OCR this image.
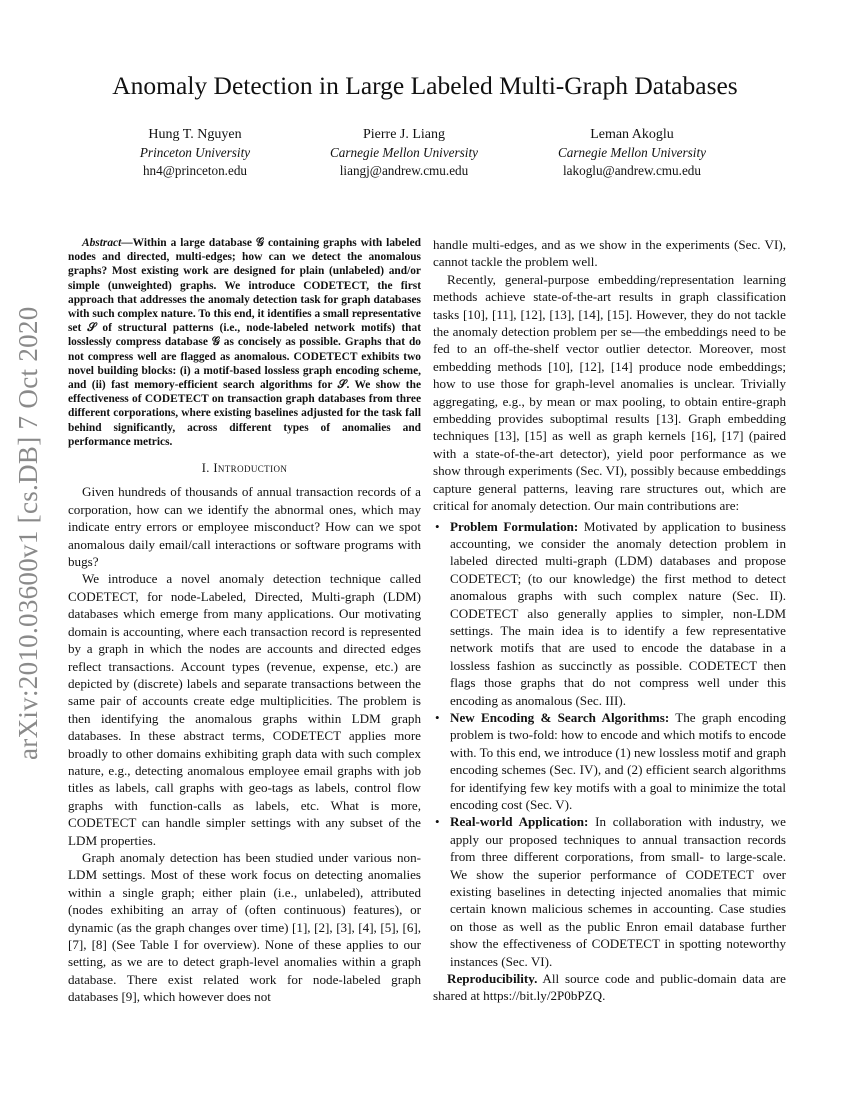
arXiv:2010.03600v1 [cs.DB] 7 Oct 2020
Anomaly Detection in Large Labeled Multi-Graph Databases
Hung T. Nguyen
Princeton University
hn4@princeton.edu
Pierre J. Liang
Carnegie Mellon University
liangj@andrew.cmu.edu
Leman Akoglu
Carnegie Mellon University
lakoglu@andrew.cmu.edu
Abstract—Within a large database 𝒢 containing graphs with labeled nodes and directed, multi-edges; how can we detect the anomalous graphs? Most existing work are designed for plain (unlabeled) and/or simple (unweighted) graphs. We introduce CODETECT, the first approach that addresses the anomaly detection task for graph databases with such complex nature. To this end, it identifies a small representative set 𝒮 of structural patterns (i.e., node-labeled network motifs) that losslessly compress database 𝒢 as concisely as possible. Graphs that do not compress well are flagged as anomalous. CODETECT exhibits two novel building blocks: (i) a motif-based lossless graph encoding scheme, and (ii) fast memory-efficient search algorithms for 𝒮. We show the effectiveness of CODETECT on transaction graph databases from three different corporations, where existing baselines adjusted for the task fall behind significantly, across different types of anomalies and performance metrics.
I. Introduction

Given hundreds of thousands of annual transaction records of a corporation, how can we identify the abnormal ones, which may indicate entry errors or employee misconduct? How can we spot anomalous daily email/call interactions or software programs with bugs?

We introduce a novel anomaly detection technique called CODETECT, for node-Labeled, Directed, Multi-graph (LDM) databases which emerge from many applications. Our motivating domain is accounting, where each transaction record is represented by a graph in which the nodes are accounts and directed edges reflect transactions. Account types (revenue, expense, etc.) are depicted by (discrete) labels and separate transactions between the same pair of accounts create edge multiplicities. The problem is then identifying the anomalous graphs within LDM graph databases. In these abstract terms, CODETECT applies more broadly to other domains exhibiting graph data with such complex nature, e.g., detecting anomalous employee email graphs with job titles as labels, call graphs with geo-tags as labels, control flow graphs with function-calls as labels, etc. What is more, CODETECT can handle simpler settings with any subset of the LDM properties.

Graph anomaly detection has been studied under various non-LDM settings. Most of these work focus on detecting anomalies within a single graph; either plain (i.e., unlabeled), attributed (nodes exhibiting an array of (often continuous) features), or dynamic (as the graph changes over time) [1], [2], [3], [4], [5], [6], [7], [8] (See Table I for overview). None of these applies to our setting, as we are to detect graph-level anomalies within a graph database. There exist related work for node-labeled graph databases [9], which however does not

handle multi-edges, and as we show in the experiments (Sec. VI), cannot tackle the problem well.

Recently, general-purpose embedding/representation learning methods achieve state-of-the-art results in graph classification tasks [10], [11], [12], [13], [14], [15]. However, they do not tackle the anomaly detection problem per se—the embeddings need to be fed to an off-the-shelf vector outlier detector. Moreover, most embedding methods [10], [12], [14] produce node embeddings; how to use those for graph-level anomalies is unclear. Trivially aggregating, e.g., by mean or max pooling, to obtain entire-graph embedding provides suboptimal results [13]. Graph embedding techniques [13], [15] as well as graph kernels [16], [17] (paired with a state-of-the-art detector), yield poor performance as we show through experiments (Sec. VI), possibly because embeddings capture general patterns, leaving rare structures out, which are critical for anomaly detection. Our main contributions are:

• Problem Formulation: Motivated by application to business accounting, we consider the anomaly detection problem in labeled directed multi-graph (LDM) databases and propose CODETECT; (to our knowledge) the first method to detect anomalous graphs with such complex nature (Sec. II). CODETECT also generally applies to simpler, non-LDM settings. The main idea is to identify a few representative network motifs that are used to encode the database in a lossless fashion as succinctly as possible. CODETECT then flags those graphs that do not compress well under this encoding as anomalous (Sec. III).
• New Encoding & Search Algorithms: The graph encoding problem is two-fold: how to encode and which motifs to encode with. To this end, we introduce (1) new lossless motif and graph encoding schemes (Sec. IV), and (2) efficient search algorithms for identifying few key motifs with a goal to minimize the total encoding cost (Sec. V).
• Real-world Application: In collaboration with industry, we apply our proposed techniques to annual transaction records from three different corporations, from small- to large-scale. We show the superior performance of CODETECT over existing baselines in detecting injected anomalies that mimic certain known malicious schemes in accounting. Case studies on those as well as the public Enron email database further show the effectiveness of CODETECT in spotting noteworthy instances (Sec. VI).

Reproducibility. All source code and public-domain data are shared at https://bit.ly/2P0bPZQ.
